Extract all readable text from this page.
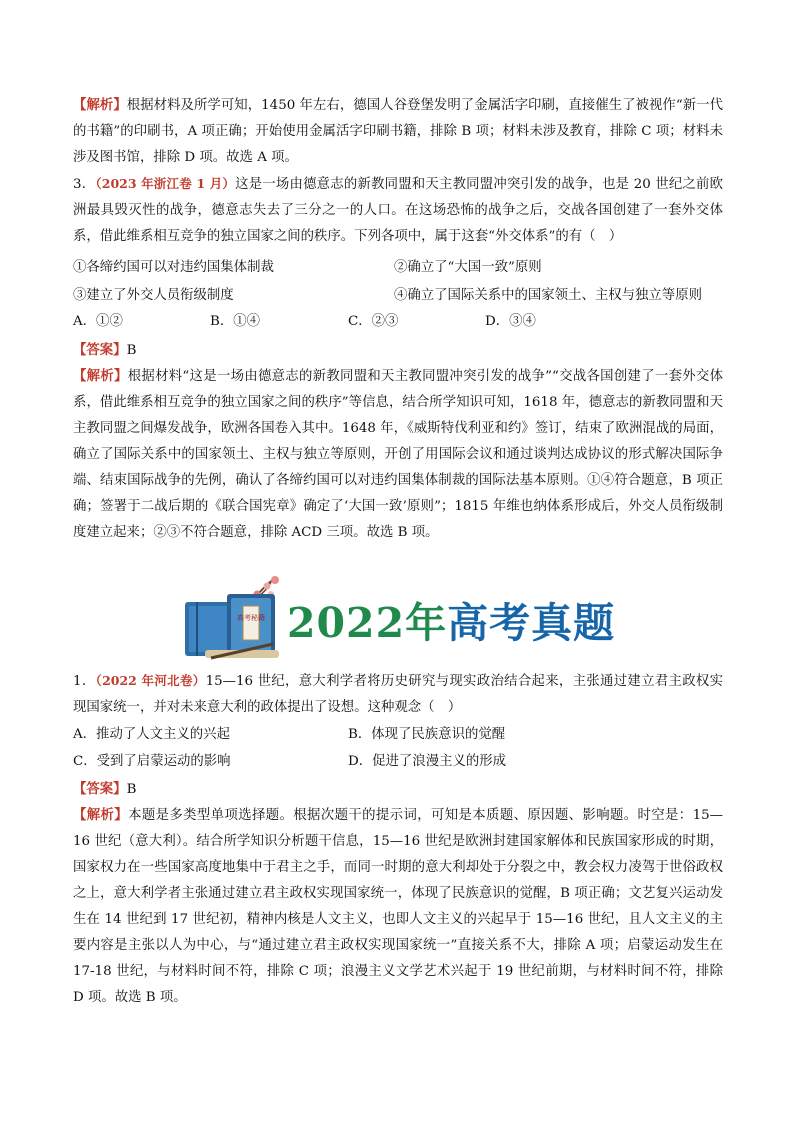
【解析】根据材料及所学可知，1450 年左右，德国人谷登堡发明了金属活字印刷，直接催生了被视作“新一代的书籍”的印刷书，A 项正确；开始使用金属活字印刷书籍，排除 B 项；材料未涉及教育，排除 C 项；材料未涉及图书馆，排除 D 项。故选 A 项。

3．（2023 年浙江卷 1 月）这是一场由德意志的新教同盟和天主教同盟冲突引发的战争，也是 20 世纪之前欧洲最具毁灭性的战争，德意志失去了三分之一的人口。在这场恐怖的战争之后，交战各国创建了一套外交体系，借此维系相互竞争的独立国家之间的秩序。下列各项中，属于这套“外交体系”的有（　）

①各缔约国可以对违约国集体制裁	②确立了“大国一致”原则
③建立了外交人员衔级制度	④确立了国际关系中的国家领土、主权与独立等原则
A．①②	B．①④	C．②③	D．③④
【答案】B

【解析】根据材料“这是一场由德意志的新教同盟和天主教同盟冲突引发的战争”“交战各国创建了一套外交体系，借此维系相互竞争的独立国家之间的秩序”等信息，结合所学知识可知，1618 年，德意志的新教同盟和天主教同盟之间爆发战争，欧洲各国卷入其中。1648 年，《威斯特伐利亚和约》签订，结束了欧洲混战的局面，确立了国际关系中的国家领土、主权与独立等原则，开创了用国际会议和通过谈判达成协议的形式解决国际争端、结束国际战争的先例，确认了各缔约国可以对违约国集体制裁的国际法基本原则。①④符合题意，B 项正确；签署于二战后期的《联合国宪章》确定了‘大国一致’原则”；1815 年维也纳体系形成后，外交人员衔级制度建立起来；②③不符合题意，排除 ACD 三项。故选 B 项。

高考秘籍 2022年高考真题

1．（2022 年河北卷）15—16 世纪，意大利学者将历史研究与现实政治结合起来，主张通过建立君主政权实现国家统一，并对未来意大利的政体提出了设想。这种观念（　）

A．推动了人文主义的兴起	B．体现了民族意识的觉醒
C．受到了启蒙运动的影响	D．促进了浪漫主义的形成
【答案】B

【解析】本题是多类型单项选择题。根据次题干的提示词，可知是本质题、原因题、影响题。时空是：15—16 世纪（意大利）。结合所学知识分析题干信息，15—16 世纪是欧洲封建国家解体和民族国家形成的时期，国家权力在一些国家高度地集中于君主之手，而同一时期的意大利却处于分裂之中，教会权力凌驾于世俗政权之上，意大利学者主张通过建立君主政权实现国家统一，体现了民族意识的觉醒，B 项正确；文艺复兴运动发生在 14 世纪到 17 世纪初，精神内核是人文主义，也即人文主义的兴起早于 15—16 世纪，且人文主义的主要内容是主张以人为中心，与“通过建立君主政权实现国家统一”直接关系不大，排除 A 项；启蒙运动发生在 17-18 世纪，与材料时间不符，排除 C 项；浪漫主义文学艺术兴起于 19 世纪前期，与材料时间不符，排除 D 项。故选 B 项。
